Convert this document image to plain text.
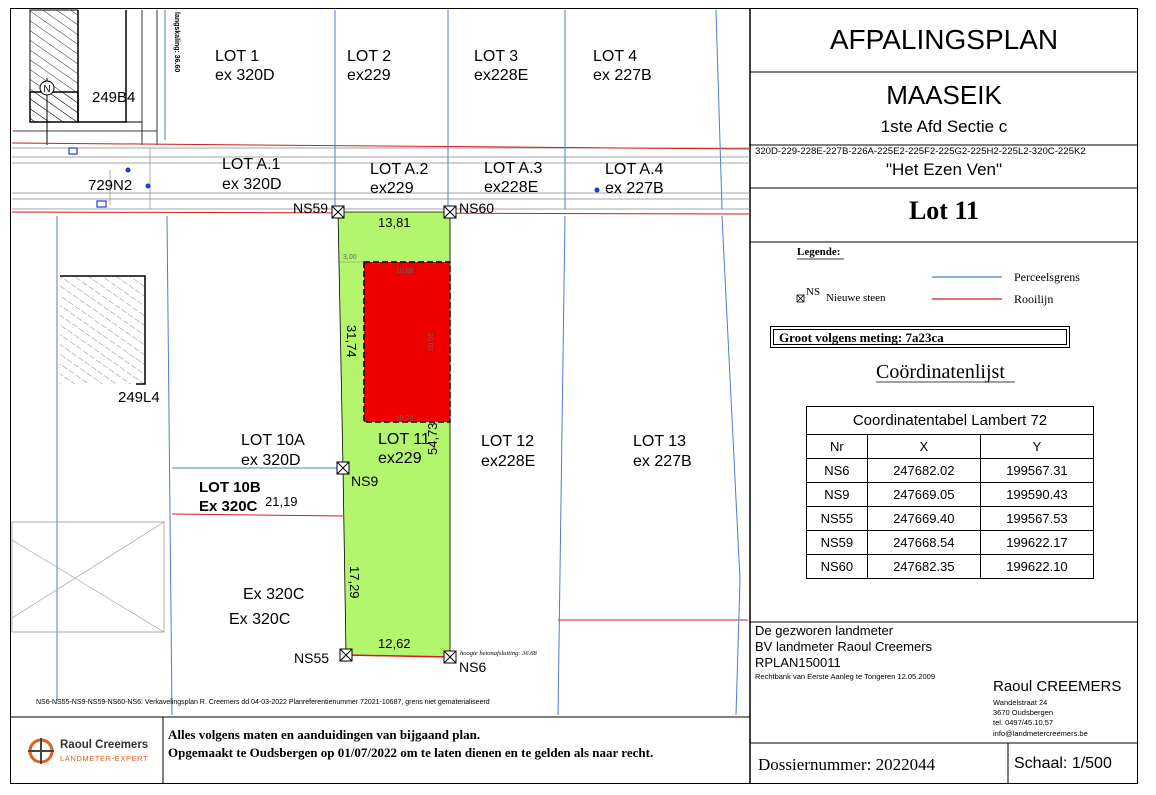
N	249B4
729N2
249L4
LOT 1
ex 320D
LOT 2
ex229
LOT 3
ex228E
LOT 4
ex 227B
LOT A.1
ex 320D
LOT A.2
ex229
LOT A.3
ex228E
LOT A.4
ex 227B
LOT 10A
ex 320D
LOT 10B
Ex 320C
LOT 11
ex229
LOT 12
ex228E
LOT 13
ex 227B
Ex 320C
Ex 320C
langskaling: 36.60
NS59	NS60
NS9
NS55
NS6
hoogte betonafsluiting: 36.68
13,81
31,74
54,73
17,29
12,62
21,19
3,00
10,68
20,00
10,24
NS6-NS55-NS9-NS59-NS60-NS6: Verkavelingsplan R. Creemers dd 04-03-2022 Planreferentienummer 72021-10687, grens niet gematerialiseerd
AFPALINGSPLAN
MAASEIK
1ste Afd Sectie c
320D-229-228E-227B-226A-225E2-225F2-225G2-225H2-225L2-320C-225K2
"Het Ezen Ven"
Lot 11
Legende:
NS Nieuwe steen
Perceelsgrens
Rooilijn
Groot volgens meting: 7a23ca
Coördinatenlijst
Coordinatentabel Lambert 72
Nr	X	Y
NS6	247682.02	199567.31
NS9	247669.05	199590.43
NS55	247669.40	199567.53
NS59	247668.54	199622.17
NS60	247682.35	199622.10
De gezworen landmeter
BV landmeter Raoul Creemers
RPLAN150011
Rechtbank van Eerste Aanleg te Tongeren 12.05.2009
Raoul CREEMERS
Wandelstraat 24
3670 Oudsbergen
tel. 0497/45.10.57
info@landmetercreemers.be
Dossiernummer: 2022044	Schaal: 1/500
Alles volgens maten en aanduidingen van bijgaand plan.
Opgemaakt te Oudsbergen op 01/07/2022 om te laten dienen en te gelden als naar recht.
Raoul Creemers
LANDMETER-EXPERT
